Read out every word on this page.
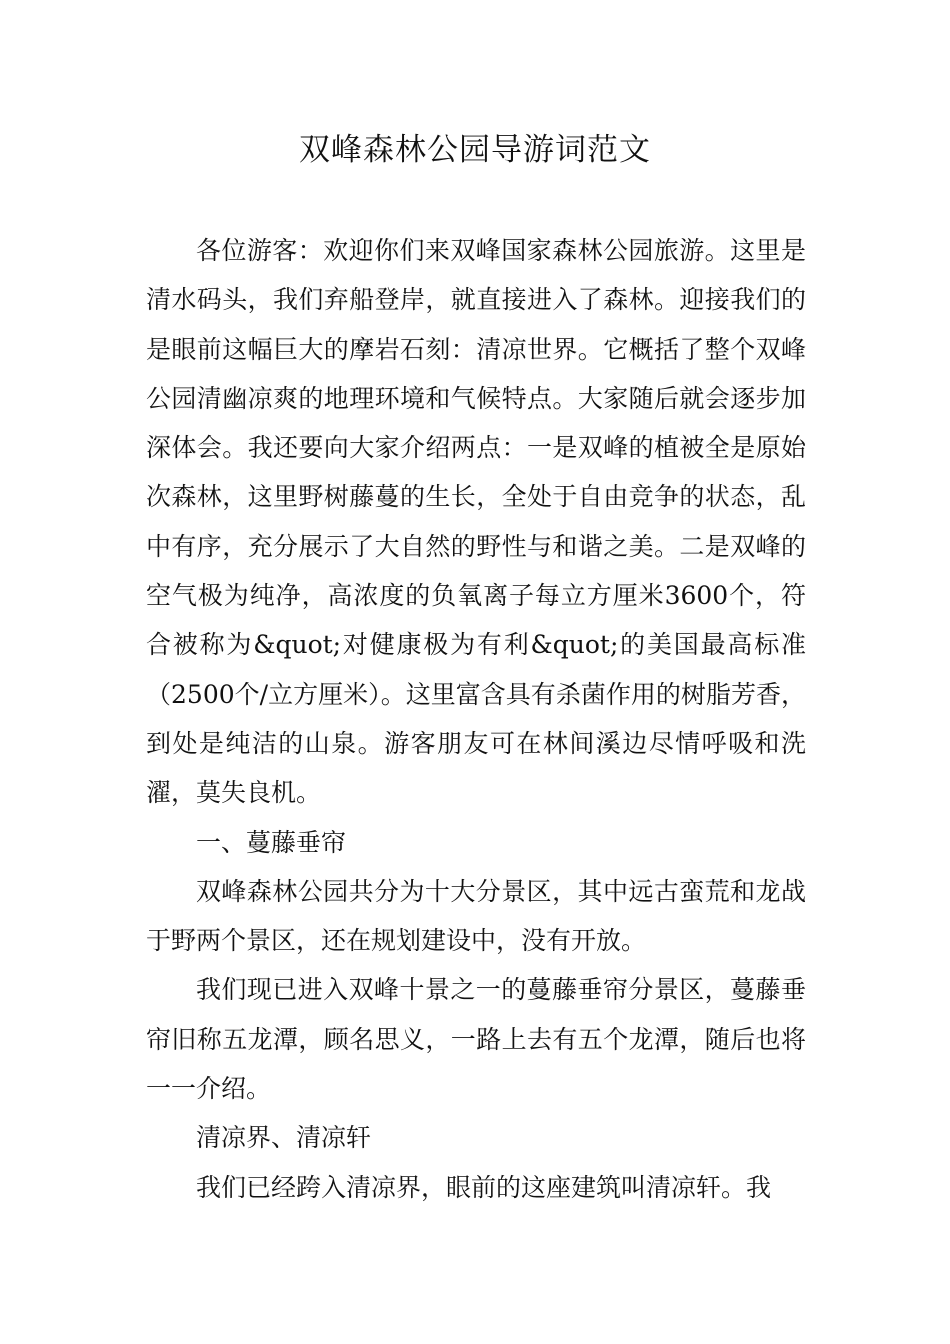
双峰森林公园导游词范文

各位游客：欢迎你们来双峰国家森林公园旅游。这里是清水码头，我们弃船登岸，就直接进入了森林。迎接我们的是眼前这幅巨大的摩岩石刻：清凉世界。它概括了整个双峰公园清幽凉爽的地理环境和气候特点。大家随后就会逐步加深体会。我还要向大家介绍两点：一是双峰的植被全是原始次森林，这里野树藤蔓的生长，全处于自由竞争的状态，乱中有序，充分展示了大自然的野性与和谐之美。二是双峰的空气极为纯净，高浓度的负氧离子每立方厘米3600个，符合被称为&quot;对健康极为有利&quot;的美国最高标准（2500个/立方厘米）。这里富含具有杀菌作用的树脂芳香，到处是纯洁的山泉。游客朋友可在林间溪边尽情呼吸和洗濯，莫失良机。

一、蔓藤垂帘

双峰森林公园共分为十大分景区，其中远古蛮荒和龙战于野两个景区，还在规划建设中，没有开放。

我们现已进入双峰十景之一的蔓藤垂帘分景区，蔓藤垂帘旧称五龙潭，顾名思义，一路上去有五个龙潭，随后也将一一介绍。

清凉界、清凉轩

我们已经跨入清凉界，眼前的这座建筑叫清凉轩。我
